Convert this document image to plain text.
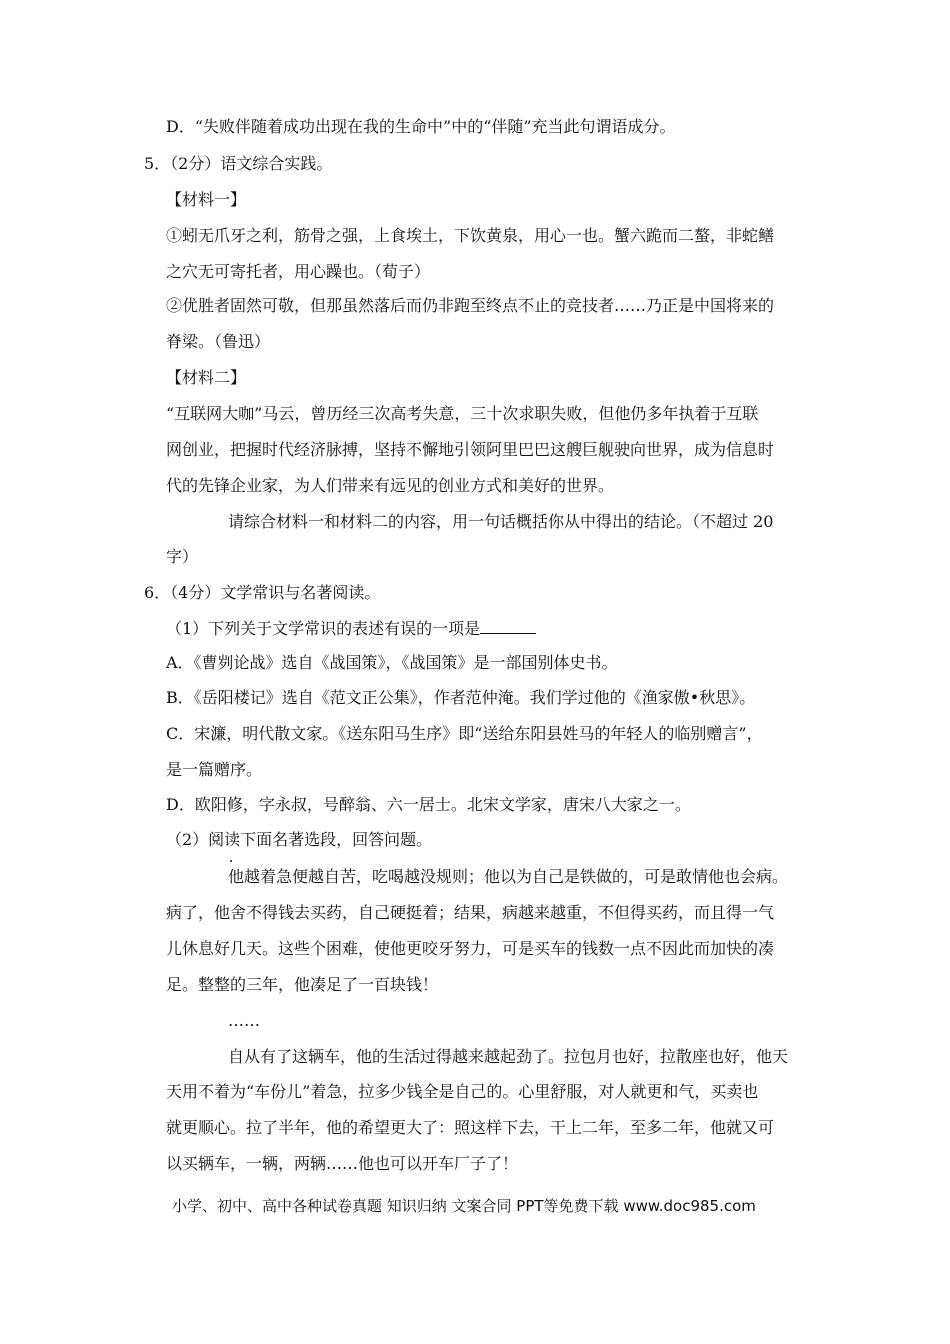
D．“失败伴随着成功出现在我的生命中”中的“伴随”充当此句谓语成分。
5．（2分）语文综合实践。
【材料一】
①蚓无爪牙之利，筋骨之强，上食埃土，下饮黄泉，用心一也。蟹六跪而二螯，非蛇鳝
之穴无可寄托者，用心躁也。（荀子）
②优胜者固然可敬，但那虽然落后而仍非跑至终点不止的竞技者……乃正是中国将来的
脊梁。（鲁迅）
【材料二】
“互联网大咖”马云，曾历经三次高考失意，三十次求职失败，但他仍多年执着于互联
网创业，把握时代经济脉搏，坚持不懈地引领阿里巴巴这艘巨舰驶向世界，成为信息时
代的先锋企业家，为人们带来有远见的创业方式和美好的世界。
请综合材料一和材料二的内容，用一句话概括你从中得出的结论。（不超过 20
字）
6．（4分）文学常识与名著阅读。
（1）下列关于文学常识的表述有误的一项是
A．《曹刿论战》选自《战国策》，《战国策》是一部国别体史书。
B．《岳阳楼记》选自《范文正公集》，作者范仲淹。我们学过他的《渔家傲•秋思》。
C．宋濂，明代散文家。《送东阳马生序》即“送给东阳县姓马的年轻人的临别赠言”，
是一篇赠序。
D．欧阳修，字永叔，号醉翁、六一居士。北宋文学家，唐宋八大家之一。
（2）阅读下面名著选段，回答问题。
他越着急便越自苦，吃喝越没规则；他以为自己是铁做的，可是敢情他也会病。
病了，他舍不得钱去买药，自己硬挺着；结果，病越来越重，不但得买药，而且得一气
儿休息好几天。这些个困难，使他更咬牙努力，可是买车的钱数一点不因此而加快的凑
足。整整的三年，他凑足了一百块钱！
……
自从有了这辆车，他的生活过得越来越起劲了。拉包月也好，拉散座也好，他天
天用不着为“车份儿”着急，拉多少钱全是自己的。心里舒服，对人就更和气，买卖也
就更顺心。拉了半年，他的希望更大了：照这样下去，干上二年，至多二年，他就又可
以买辆车，一辆，两辆……他也可以开车厂子了！
小学、初中、高中各种试卷真题 知识归纳 文案合同 PPT等免费下载 www.doc985.com
